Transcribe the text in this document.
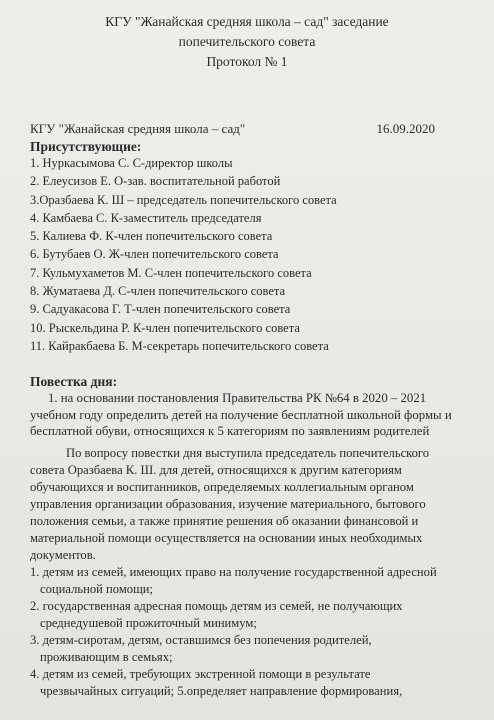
КГУ "Жанайская средняя школа – сад" заседание
попечительского совета
Протокол № 1
КГУ "Жанайская средняя школа – сад"	16.09.2020
Присутствующие:
1. Нуркасымова С. С-директор школы
2. Елеусизов Е. О-зав. воспитательной работой
3.Оразбаева К. Ш – председатель попечительского совета
4. Камбаева С. К-заместитель председателя
5. Калиева Ф. К-член попечительского совета
6. Бутубаев О. Ж-член попечительского совета
7. Кульмухаметов М. С-член попечительского совета
8. Жуматаева Д. С-член попечительского совета
9. Садуакасова Г. Т-член попечительского совета
10. Рыскельдина Р. К-член попечительского совета
11. Кайракбаева Б. М-секретарь попечительского совета
Повестка дня:
1. на основании постановления Правительства РК №64 в 2020 – 2021
учебном году определить детей на получение бесплатной школьной формы и
бесплатной обуви, относящихся к 5 категориям по заявлениям родителей
По вопросу повестки дня выступила председатель попечительского
совета Оразбаева К. Ш. для детей, относящихся к другим категориям
обучающихся и воспитанников, определяемых коллегиальным органом
управления организации образования, изучение материального, бытового
положения семьи, а также принятие решения об оказании финансовой и
материальной помощи осуществляется на основании иных необходимых
документов.
1. детям из семей, имеющих право на получение государственной адресной
социальной помощи;
2. государственная адресная помощь детям из семей, не получающих
среднедушевой прожиточный минимум;
3. детям-сиротам, детям, оставшимся без попечения родителей,
проживающим в семьях;
4. детям из семей, требующих экстренной помощи в результате
чрезвычайных ситуаций; 5.определяет направление формирования,
